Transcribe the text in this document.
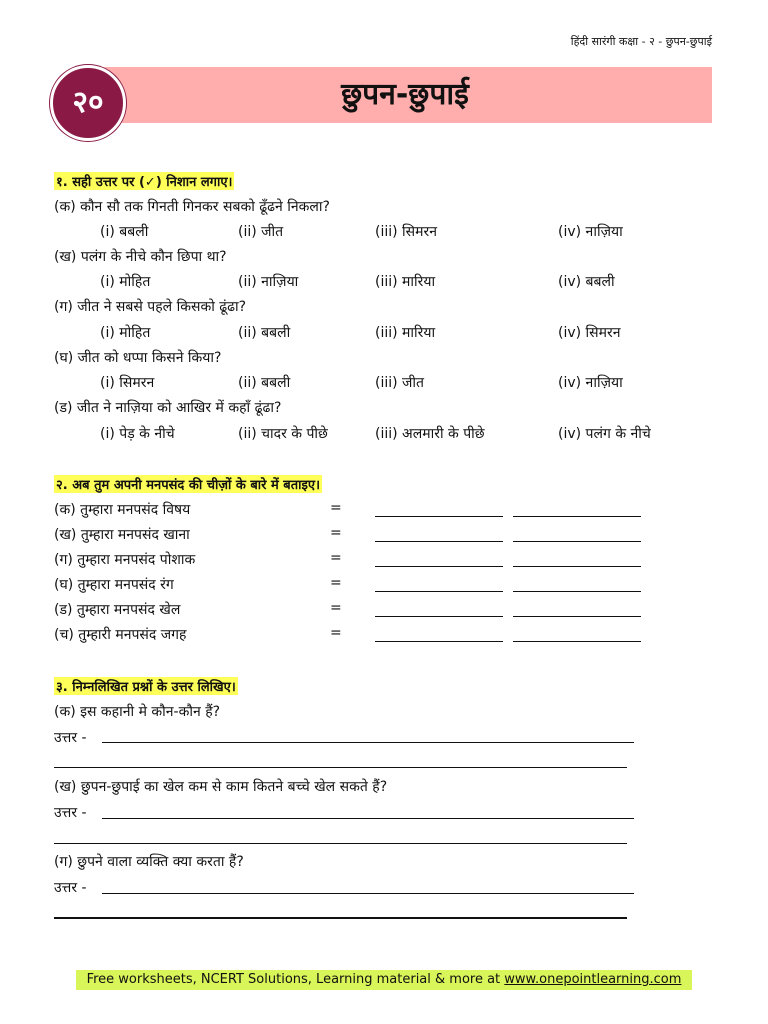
हिंदी सारंगी कक्षा - २ - छुपन-छुपाई
छुपन-छुपाई
२०
१. सही उत्तर पर (✓) निशान लगाए।
(क) कौन सौ तक गिनती गिनकर सबको ढूँढने निकला?
(i) बबली	(ii) जीत	(iii) सिमरन	(iv) नाज़िया
(ख) पलंग के नीचे कौन छिपा था?
(i) मोहित	(ii) नाज़िया	(iii) मारिया	(iv) बबली
(ग) जीत ने सबसे पहले किसको ढूंढा?
(i) मोहित	(ii) बबली	(iii) मारिया	(iv) सिमरन
(घ) जीत को धप्पा किसने किया?
(i) सिमरन	(ii) बबली	(iii) जीत	(iv) नाज़िया
(ड) जीत ने नाज़िया को आखिर में कहाँ ढूंढा?
(i) पेड़ के नीचे	(ii) चादर के पीछे	(iii) अलमारी के पीछे	(iv) पलंग के नीचे
२. अब तुम अपनी मनपसंद की चीज़ों के बारे में बताइए।
(क) तुम्हारा मनपसंद विषय	=
(ख) तुम्हारा मनपसंद खाना	=
(ग) तुम्हारा मनपसंद पोशाक	=
(घ) तुम्हारा मनपसंद रंग	=
(ड) तुम्हारा मनपसंद खेल	=
(च) तुम्हारी मनपसंद जगह	=
३. निम्नलिखित प्रश्नों के उत्तर लिखिए।
(क) इस कहानी मे कौन-कौन हैं?
उत्तर -
(ख) छुपन-छुपाई का खेल कम से काम कितने बच्चे खेल सकते हैं?
उत्तर -
(ग) छुपने वाला व्यक्ति क्या करता हैं?
उत्तर -
Free worksheets, NCERT Solutions, Learning material & more at www.onepointlearning.com
